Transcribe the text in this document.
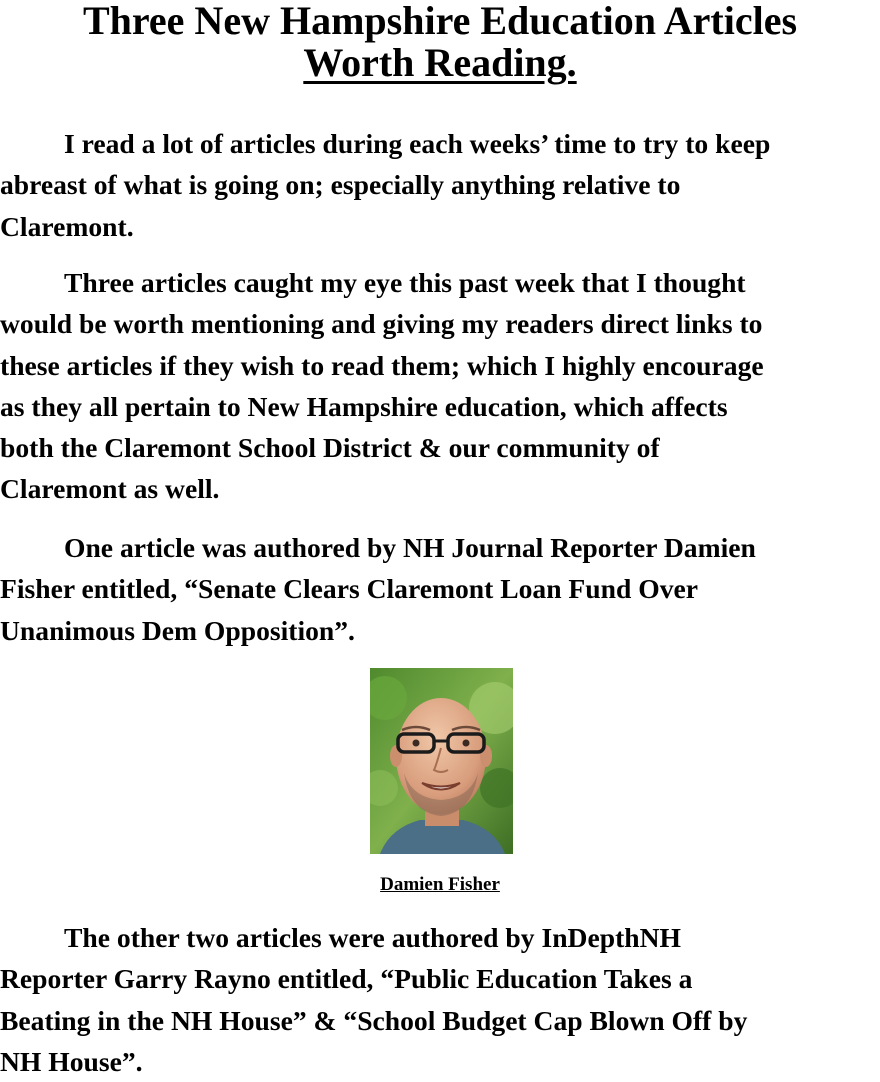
Three New Hampshire Education Articles
Worth Reading.

I read a lot of articles during each weeks’ time to try to keep
abreast of what is going on; especially anything relative to
Claremont.

Three articles caught my eye this past week that I thought
would be worth mentioning and giving my readers direct links to
these articles if they wish to read them; which I highly encourage
as they all pertain to New Hampshire education, which affects
both the Claremont School District & our community of
Claremont as well.

One article was authored by NH Journal Reporter Damien
Fisher entitled, “Senate Clears Claremont Loan Fund Over
Unanimous Dem Opposition”.

Damien Fisher

The other two articles were authored by InDepthNH
Reporter Garry Rayno entitled, “Public Education Takes a
Beating in the NH House” & “School Budget Cap Blown Off by
NH House”.
